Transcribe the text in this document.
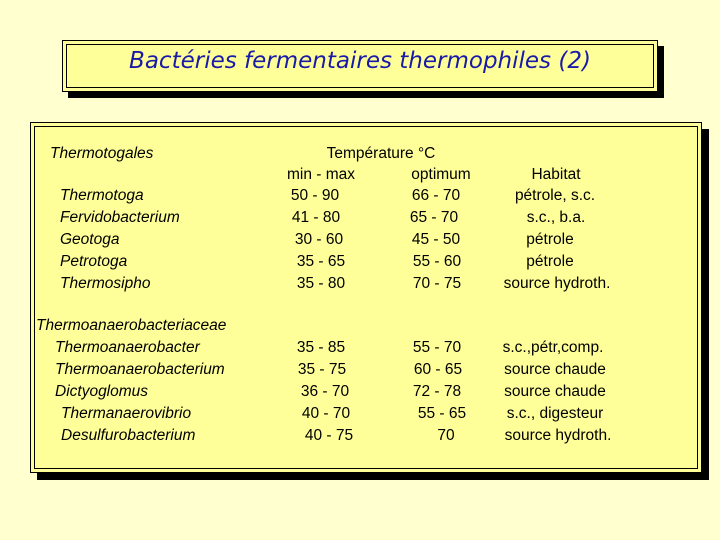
Bactéries fermentaires thermophiles (2)
Température °C
min - max	optimum	Habitat
Thermotogales
Thermotoga	50 - 90	66 - 70	pétrole, s.c.
Fervidobacterium	41 - 80	65 - 70	s.c., b.a.
Geotoga	30 - 60	45 - 50	pétrole
Petrotoga	35 - 65	55 - 60	pétrole
Thermosipho	35 - 80	70 - 75	source hydroth.
Thermoanaerobacteriaceae
Thermoanaerobacter	35 - 85	55 - 70	s.c.,pétr,comp.
Thermoanaerobacterium	35 - 75	60 - 65	source chaude
Dictyoglomus	36 - 70	72 - 78	source chaude
Thermanaerovibrio	40 - 70	55 - 65	s.c., digesteur
Desulfurobacterium	40 - 75	70	source hydroth.
